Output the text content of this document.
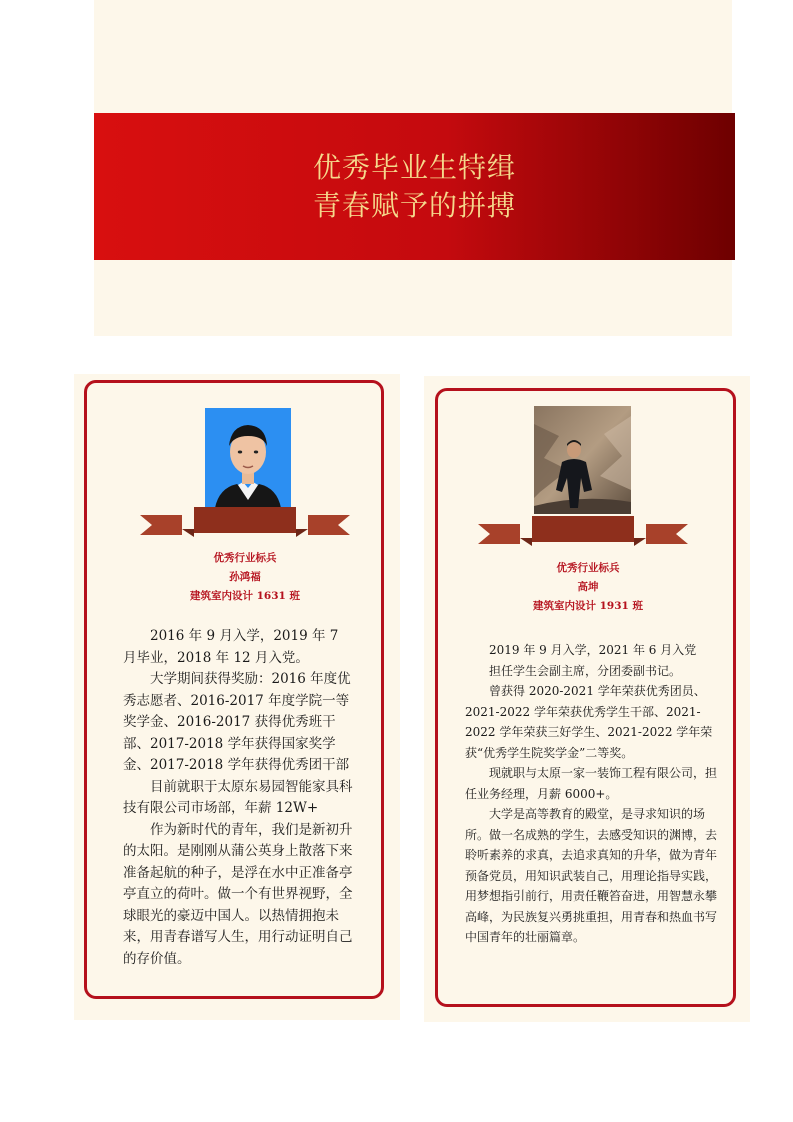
优秀毕业生特缉
青春赋予的拼搏
优秀行业标兵
孙鸿福
建筑室内设计 1631 班

2016 年 9 月入学，2019 年 7 月毕业，2018 年 12 月入党。

大学期间获得奖励：2016 年度优秀志愿者、2016-2017 年度学院一等奖学金、2016-2017 获得优秀班干部、2017-2018 学年获得国家奖学金、2017-2018 学年获得优秀团干部

目前就职于太原东易园智能家具科技有限公司市场部，年薪 12W+

作为新时代的青年，我们是新初升的太阳。是刚刚从蒲公英身上散落下来准备起航的种子，是浮在水中正准备亭亭直立的荷叶。做一个有世界视野，全球眼光的豪迈中国人。以热情拥抱未来，用青春谱写人生，用行动证明自己的存价值。

优秀行业标兵
高坤
建筑室内设计 1931 班

2019 年 9 月入学，2021 年 6 月入党

担任学生会副主席，分团委副书记。

曾获得 2020-2021 学年荣获优秀团员、2021-2022 学年荣获优秀学生干部、2021-2022 学年荣获三好学生、2021-2022 学年荣获“优秀学生院奖学金”二等奖。

现就职与太原一家一装饰工程有限公司，担任业务经理，月薪 6000+。

大学是高等教育的殿堂，是寻求知识的场所。做一名成熟的学生，去感受知识的渊博，去聆听素养的求真，去追求真知的升华，做为青年预备党员，用知识武装自己，用理论指导实践，用梦想指引前行，用责任鞭笞奋进，用智慧永攀高峰，为民族复兴勇挑重担，用青春和热血书写中国青年的壮丽篇章。
